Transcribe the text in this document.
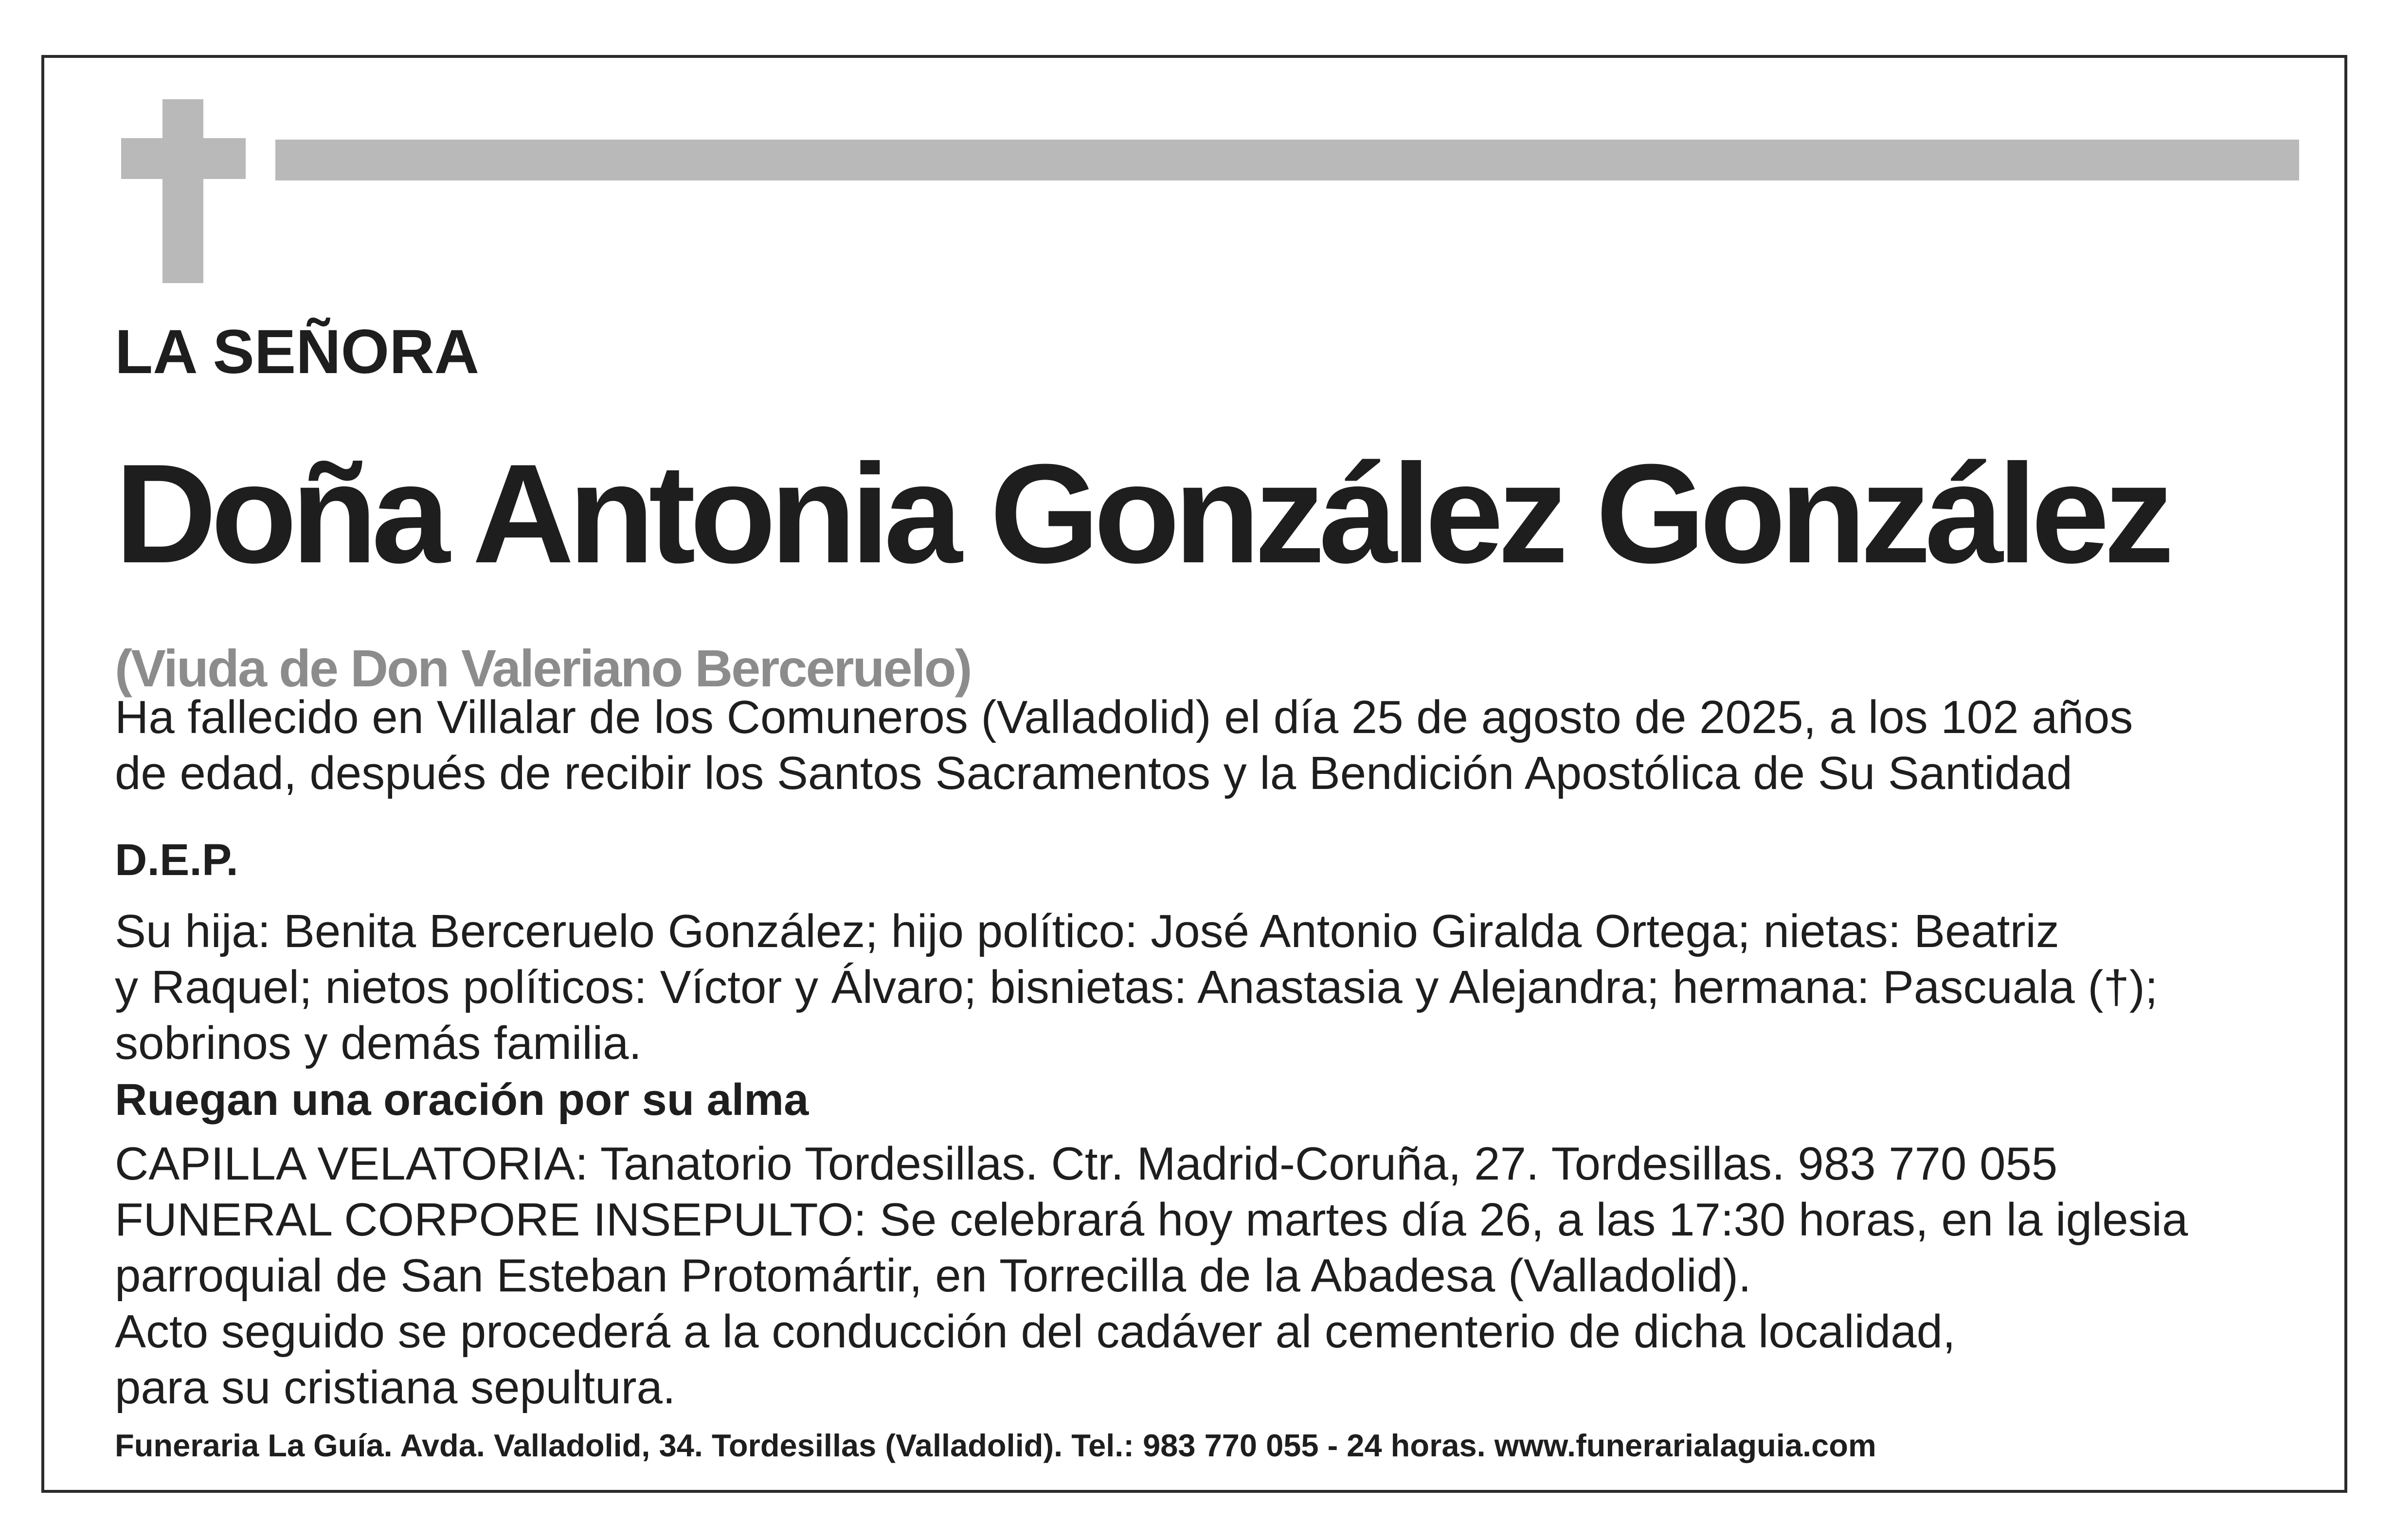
LA SEÑORA

Doña Antonia González González

(Viuda de Don Valeriano Berceruelo)

Ha fallecido en Villalar de los Comuneros (Valladolid) el día 25 de agosto de 2025, a los 102 años
de edad, después de recibir los Santos Sacramentos y la Bendición Apostólica de Su Santidad

D.E.P.

Su hija: Benita Berceruelo González; hijo político: José Antonio Giralda Ortega; nietas: Beatriz
y Raquel; nietos políticos: Víctor y Álvaro; bisnietas: Anastasia y Alejandra; hermana: Pascuala (†);
sobrinos y demás familia.

Ruegan una oración por su alma

CAPILLA VELATORIA: Tanatorio Tordesillas. Ctr. Madrid-Coruña, 27. Tordesillas. 983 770 055
FUNERAL CORPORE INSEPULTO: Se celebrará hoy martes día 26, a las 17:30 horas, en la iglesia
parroquial de San Esteban Protomártir, en Torrecilla de la Abadesa (Valladolid).
Acto seguido se procederá a la conducción del cadáver al cementerio de dicha localidad,
para su cristiana sepultura.

Funeraria La Guía. Avda. Valladolid, 34. Tordesillas (Valladolid). Tel.: 983 770 055 - 24 horas. www.funerarialaguia.com
